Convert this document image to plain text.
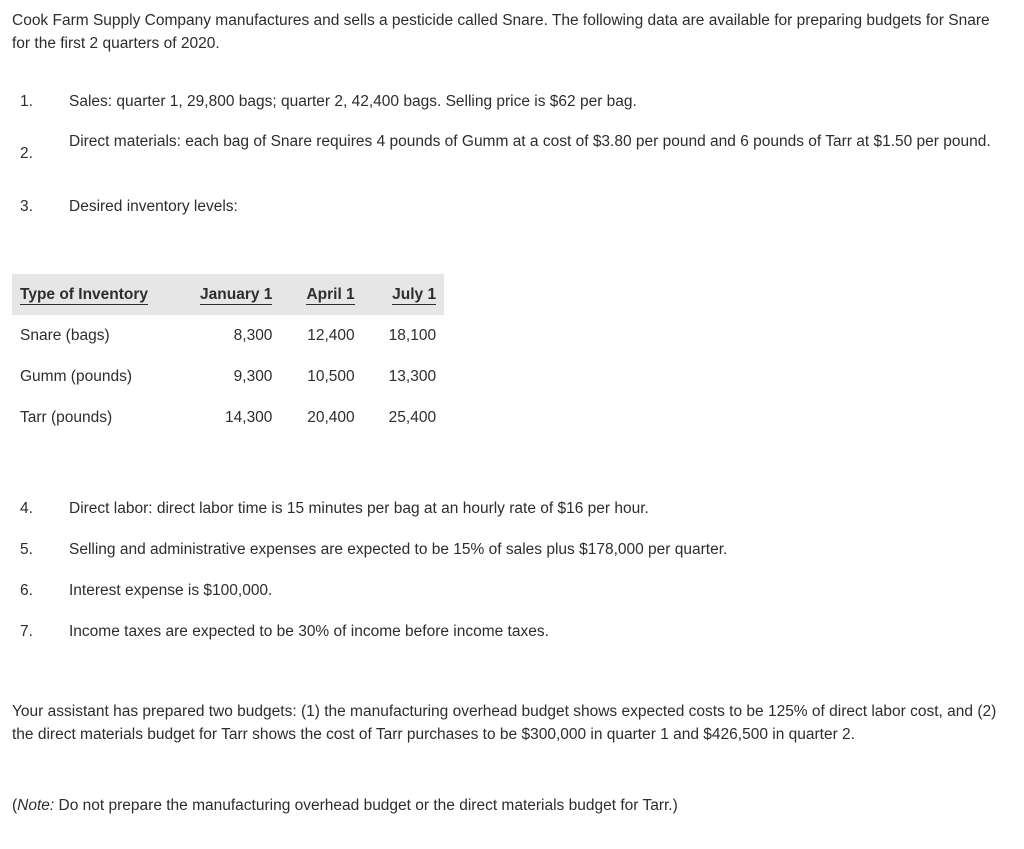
Cook Farm Supply Company manufactures and sells a pesticide called Snare. The following data are available for preparing budgets for Snare for the first 2 quarters of 2020.

1.	Sales: quarter 1, 29,800 bags; quarter 2, 42,400 bags. Selling price is $62 per bag.
2.
Direct materials: each bag of Snare requires 4 pounds of Gumm at a cost of $3.80 per pound and 6 pounds of Tarr at $1.50 per pound.
3.	Desired inventory levels:
Type of Inventory	January 1	April 1	July 1
Snare (bags)	8,300	12,400	18,100
Gumm (pounds)	9,300	10,500	13,300
Tarr (pounds)	14,300	20,400	25,400
4.	Direct labor: direct labor time is 15 minutes per bag at an hourly rate of $16 per hour.
5.	Selling and administrative expenses are expected to be 15% of sales plus $178,000 per quarter.
6.	Interest expense is $100,000.
7.	Income taxes are expected to be 30% of income before income taxes.

Your assistant has prepared two budgets: (1) the manufacturing overhead budget shows expected costs to be 125% of direct labor cost, and (2) the direct materials budget for Tarr shows the cost of Tarr purchases to be $300,000 in quarter 1 and $426,500 in quarter 2.

(Note: Do not prepare the manufacturing overhead budget or the direct materials budget for Tarr.)
